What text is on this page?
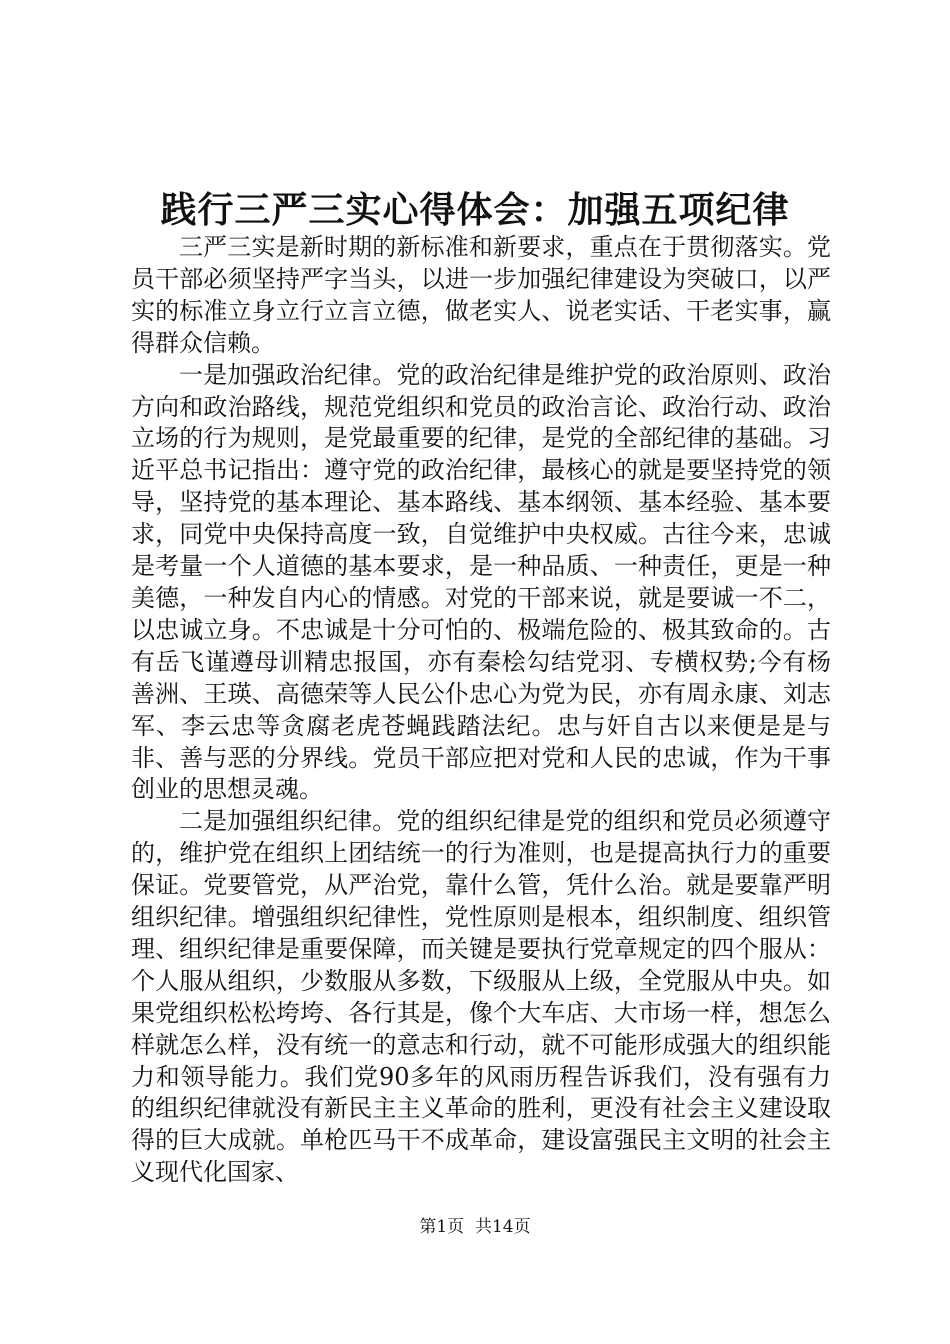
践行三严三实心得体会：加强五项纪律

三严三实是新时期的新标准和新要求，重点在于贯彻落实。党员干部必须坚持严字当头，以进一步加强纪律建设为突破口，以严实的标准立身立行立言立德，做老实人、说老实话、干老实事，赢得群众信赖。

一是加强政治纪律。党的政治纪律是维护党的政治原则、政治方向和政治路线，规范党组织和党员的政治言论、政治行动、政治立场的行为规则，是党最重要的纪律，是党的全部纪律的基础。习近平总书记指出：遵守党的政治纪律，最核心的就是要坚持党的领导，坚持党的基本理论、基本路线、基本纲领、基本经验、基本要求，同党中央保持高度一致，自觉维护中央权威。古往今来，忠诚是考量一个人道德的基本要求，是一种品质、一种责任，更是一种美德，一种发自内心的情感。对党的干部来说，就是要诚一不二，以忠诚立身。不忠诚是十分可怕的、极端危险的、极其致命的。古有岳飞谨遵母训精忠报国，亦有秦桧勾结党羽、专横权势;今有杨善洲、王瑛、高德荣等人民公仆忠心为党为民，亦有周永康、刘志军、李云忠等贪腐老虎苍蝇践踏法纪。忠与奸自古以来便是是与非、善与恶的分界线。党员干部应把对党和人民的忠诚，作为干事创业的思想灵魂。

二是加强组织纪律。党的组织纪律是党的组织和党员必须遵守的，维护党在组织上团结统一的行为准则，也是提高执行力的重要保证。党要管党，从严治党，靠什么管，凭什么治。就是要靠严明组织纪律。增强组织纪律性，党性原则是根本，组织制度、组织管理、组织纪律是重要保障，而关键是要执行党章规定的四个服从：个人服从组织，少数服从多数，下级服从上级，全党服从中央。如果党组织松松垮垮、各行其是，像个大车店、大市场一样，想怎么样就怎么样，没有统一的意志和行动，就不可能形成强大的组织能力和领导能力。我们党90多年的风雨历程告诉我们，没有强有力的组织纪律就没有新民主主义革命的胜利，更没有社会主义建设取得的巨大成就。单枪匹马干不成革命，建设富强民主文明的社会主义现代化国家、

第1页  共14页
